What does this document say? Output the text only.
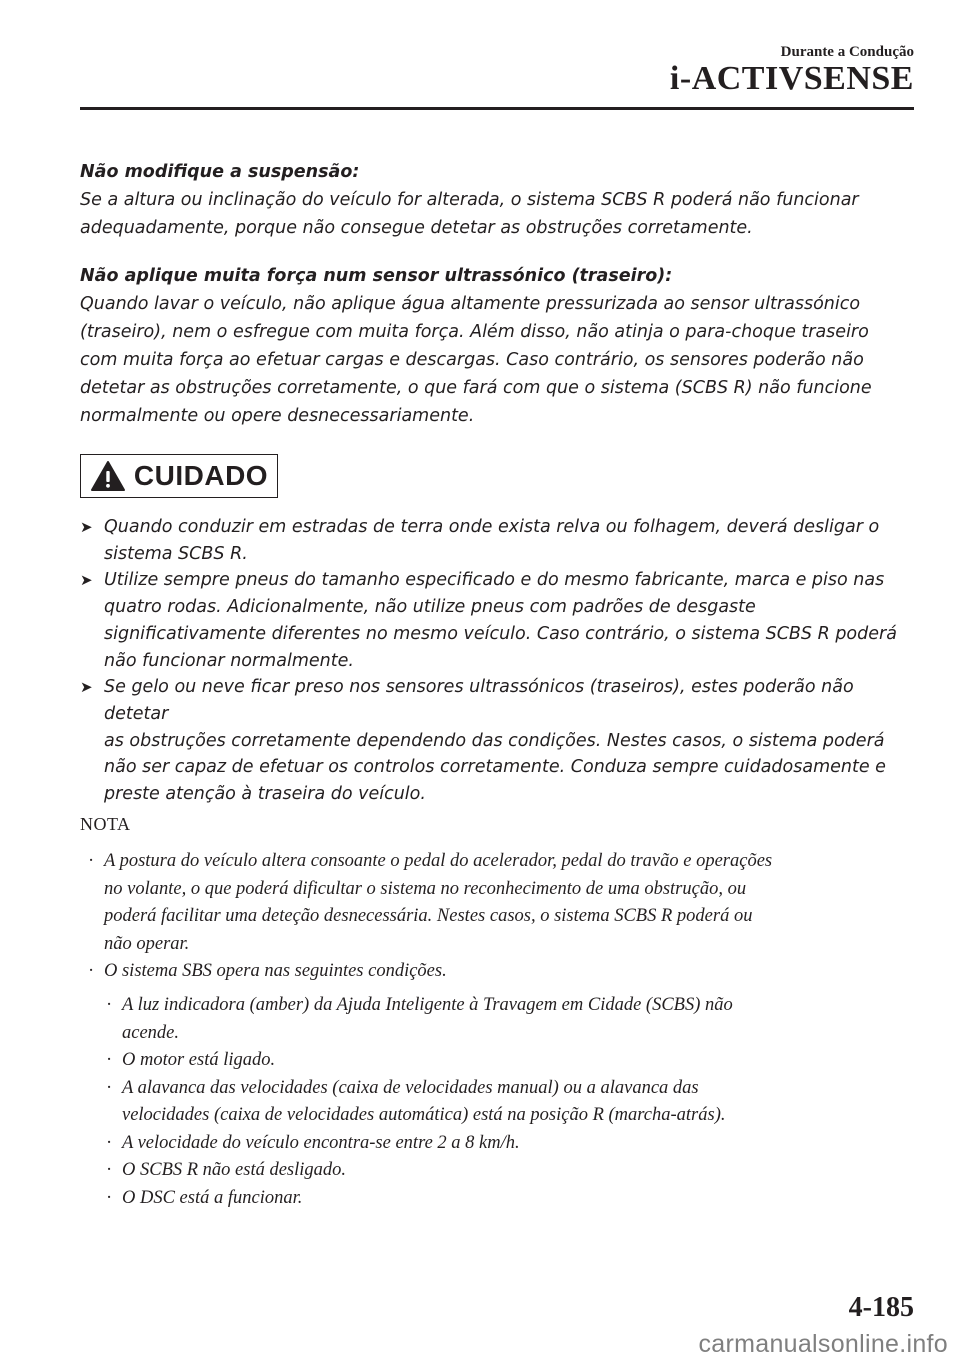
Durante a Condução
i-ACTIVSENSE

Não modifique a suspensão:

Se a altura ou inclinação do veículo for alterada, o sistema SCBS R poderá não funcionar

adequadamente, porque não consegue detetar as obstruções corretamente.

Não aplique muita força num sensor ultrassónico (traseiro):

Quando lavar o veículo, não aplique água altamente pressurizada ao sensor ultrassónico

(traseiro), nem o esfregue com muita força. Além disso, não atinja o para-choque traseiro

com muita força ao efetuar cargas e descargas. Caso contrário, os sensores poderão não

detetar as obstruções corretamente, o que fará com que o sistema (SCBS R) não funcione

normalmente ou opere desnecessariamente.

CUIDADO
➤ Quando conduzir em estradas de terra onde exista relva ou folhagem, deverá desligar o
sistema SCBS R.
➤ Utilize sempre pneus do tamanho especificado e do mesmo fabricante, marca e piso nas
quatro rodas. Adicionalmente, não utilize pneus com padrões de desgaste
significativamente diferentes no mesmo veículo. Caso contrário, o sistema SCBS R poderá
não funcionar normalmente.
➤ Se gelo ou neve ficar preso nos sensores ultrassónicos (traseiros), estes poderão não detetar
as obstruções corretamente dependendo das condições. Nestes casos, o sistema poderá
não ser capaz de efetuar os controlos corretamente. Conduza sempre cuidadosamente e
preste atenção à traseira do veículo.
NOTA
· A postura do veículo altera consoante o pedal do acelerador, pedal do travão e operações
no volante, o que poderá dificultar o sistema no reconhecimento de uma obstrução, ou
poderá facilitar uma deteção desnecessária. Nestes casos, o sistema SCBS R poderá ou
não operar.
· O sistema SBS opera nas seguintes condições.
· A luz indicadora (amber) da Ajuda Inteligente à Travagem em Cidade (SCBS) não
acende.
· O motor está ligado.
· A alavanca das velocidades (caixa de velocidades manual) ou a alavanca das
velocidades (caixa de velocidades automática) está na posição R (marcha-atrás).
· A velocidade do veículo encontra-se entre 2 a 8 km/h.
· O SCBS R não está desligado.
· O DSC está a funcionar.
4-185
carmanualsonline.info
